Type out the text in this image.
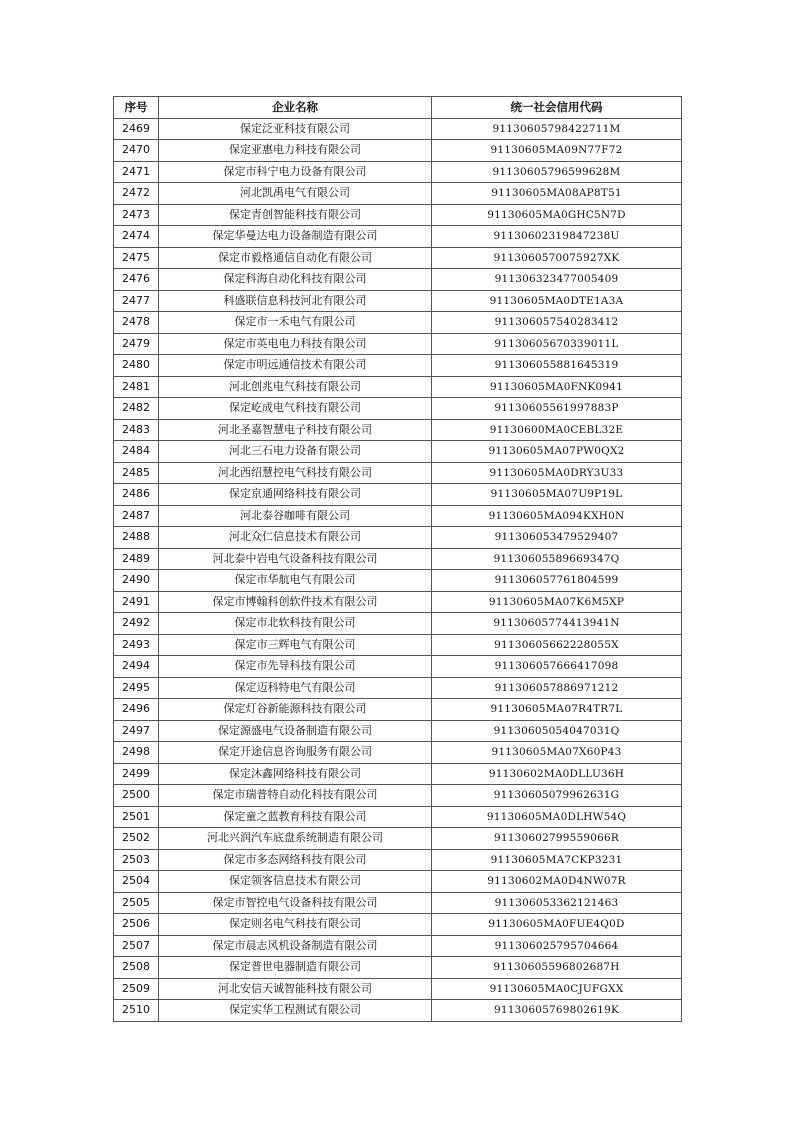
序号	企业名称	统一社会信用代码
2469	保定泛亚科技有限公司	91130605798422711M
2470	保定亚惠电力科技有限公司	91130605MA09N77F72
2471	保定市科宁电力设备有限公司	91130605796599628M
2472	河北凯禹电气有限公司	91130605MA08AP8T51
2473	保定青创智能科技有限公司	91130605MA0GHC5N7D
2474	保定华曼达电力设备制造有限公司	91130602319847238U
2475	保定市毅格通信自动化有限公司	9113060570075927XK
2476	保定科海自动化科技有限公司	911306323477005409
2477	科盛联信息科技河北有限公司	91130605MA0DTE1A3A
2478	保定市一禾电气有限公司	911306057540283412
2479	保定市英电电力科技有限公司	91130605670339011L
2480	保定市明远通信技术有限公司	911306055881645319
2481	河北创兆电气科技有限公司	91130605MA0FNK0941
2482	保定屹成电气科技有限公司	91130605561997883P
2483	河北圣嘉智慧电子科技有限公司	91130600MA0CEBL32E
2484	河北三石电力设备有限公司	91130605MA07PW0QX2
2485	河北西绍慧控电气科技有限公司	91130605MA0DRY3U33
2486	保定京通网络科技有限公司	91130605MA07U9P19L
2487	河北泰谷咖啡有限公司	91130605MA094KXH0N
2488	河北众仁信息技术有限公司	911306053479529407
2489	河北泰中岩电气设备科技有限公司	91130605589669347Q
2490	保定市华航电气有限公司	911306057761804599
2491	保定市博翰科创软件技术有限公司	91130605MA07K6M5XP
2492	保定市北软科技有限公司	91130605774413941N
2493	保定市三辉电气有限公司	91130605662228055X
2494	保定市先导科技有限公司	911306057666417098
2495	保定迈科特电气有限公司	911306057886971212
2496	保定灯谷新能源科技有限公司	91130605MA07R4TR7L
2497	保定源盛电气设备制造有限公司	91130605054047031Q
2498	保定开途信息咨询服务有限公司	91130605MA07X60P43
2499	保定沐鑫网络科技有限公司	91130602MA0DLLU36H
2500	保定市瑞普特自动化科技有限公司	91130605079962631G
2501	保定童之蓝教育科技有限公司	91130605MA0DLHW54Q
2502	河北兴润汽车底盘系统制造有限公司	91130602799559066R
2503	保定市多态网络科技有限公司	91130605MA7CKP3231
2504	保定领客信息技术有限公司	91130602MA0D4NW07R
2505	保定市智控电气设备科技有限公司	911306053362121463
2506	保定则名电气科技有限公司	91130605MA0FUE4Q0D
2507	保定市晨志风机设备制造有限公司	911306025795704664
2508	保定普世电器制造有限公司	91130605596802687H
2509	河北安信天诚智能科技有限公司	91130605MA0CJUFGXX
2510	保定实华工程测试有限公司	91130605769802619K
